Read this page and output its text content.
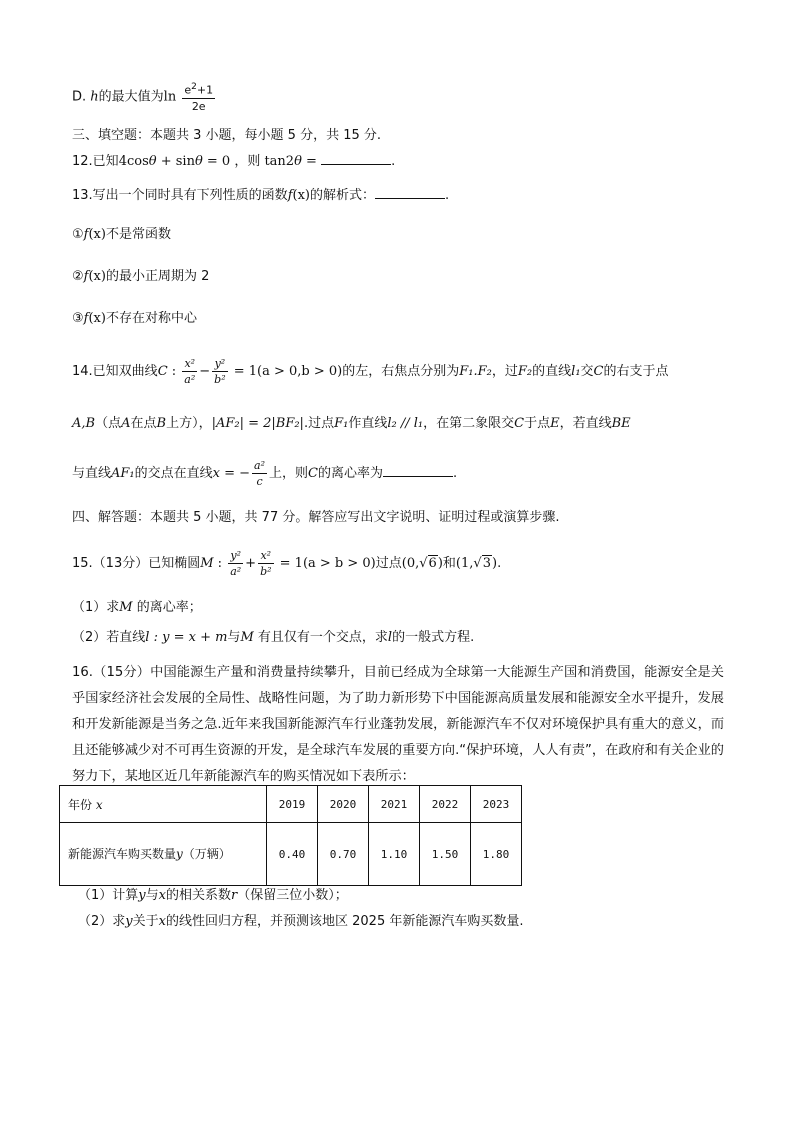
D. h的最大值为$\ln \frac{e^2+1}{2e}$
三、填空题：本题共 3 小题，每小题 5 分，共 15 分.
12.已知4cosθ + sinθ = 0 ，则 tan2θ =	.
13.写出一个同时具有下列性质的函数f(x)的解析式：	.
①f(x)不是常函数
②f(x)的最小正周期为 2
③f(x)不存在对称中心
14.已知双曲线C : $\frac{\text{x²}}{\text{a²}} - \frac{\text{y²}}{\text{b²}} = 1(a > 0,b > 0)$的左，右焦点分别为F₁.F₂，过F₂的直线l₁交C的右支于点
A,B（点A在点B上方），|AF₂| = 2|BF₂|.过点F₁作直线l₂ // l₁，在第二象限交C于点E，若直线BE
与直线AF₁的交点在直线x = − $\frac{\text{a²}}{c}$ 上，则C的离心率为	.
四、解答题：本题共 5 小题，共 77 分。解答应写出文字说明、证明过程或演算步骤.
15.（13分）已知椭圆M : $\frac{\text{y²}}{\text{a²}} + \frac{\text{x²}}{\text{b²}} = 1(a > b > 0)$过点(0,√6)和(1,√3).
（1）求M 的离心率；
（2）若直线l : y = x + m与M 有且仅有一个交点，求l的一般式方程.
16.（15分）中国能源生产量和消费量持续攀升，目前已经成为全球第一大能源生产国和消费国，能源安全是关乎国家经济社会发展的全局性、战略性问题，为了助力新形势下中国能源高质量发展和能源安全水平提升，发展和开发新能源是当务之急.近年来我国新能源汽车行业蓬勃发展，新能源汽车不仅对环境保护具有重大的意义，而且还能够减少对不可再生资源的开发，是全球汽车发展的重要方向.“保护环境，人人有责”，在政府和有关企业的努力下，某地区近几年新能源汽车的购买情况如下表所示：
年份 x	2019	2020	2021	2022	2023
新能源汽车购买数量y（万辆）	0.40	0.70	1.10	1.50	1.80
（1）计算y与x的相关系数r（保留三位小数）；
（2）求y关于x的线性回归方程，并预测该地区 2025 年新能源汽车购买数量.
